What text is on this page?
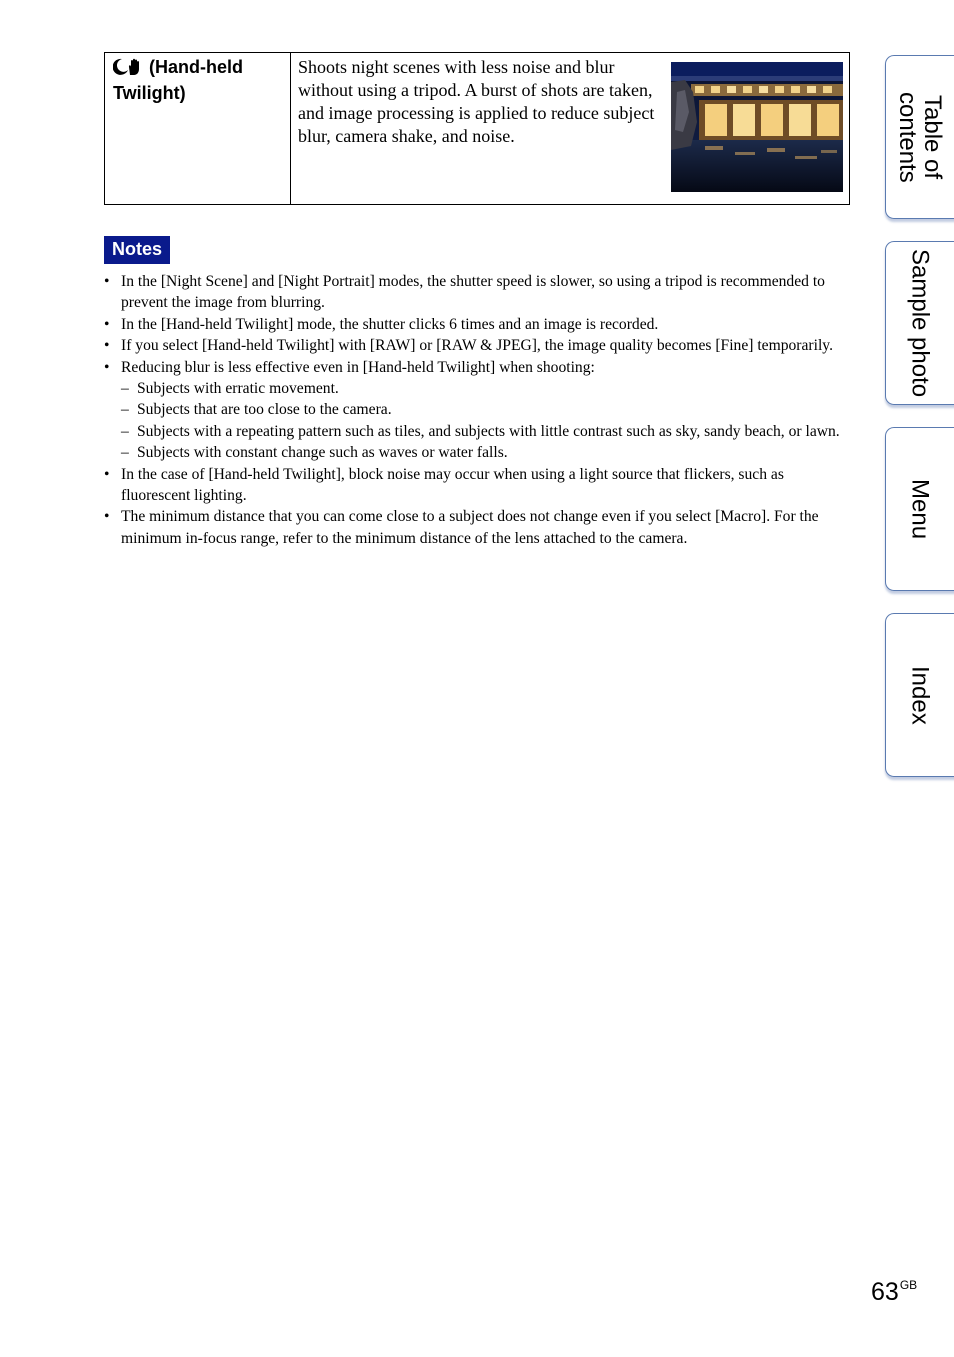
(Hand-held Twilight)
Shoots night scenes with less noise and blur without using a tripod. A burst of shots are taken, and image processing is applied to reduce subject blur, camera shake, and noise.
Notes
• In the [Night Scene] and [Night Portrait] modes, the shutter speed is slower, so using a tripod is recommended to prevent the image from blurring.
• In the [Hand-held Twilight] mode, the shutter clicks 6 times and an image is recorded.
• If you select [Hand-held Twilight] with [RAW] or [RAW & JPEG], the image quality becomes [Fine] temporarily.
• Reducing blur is less effective even in [Hand-held Twilight] when shooting:
– Subjects with erratic movement.
– Subjects that are too close to the camera.
– Subjects with a repeating pattern such as tiles, and subjects with little contrast such as sky, sandy beach, or lawn.
– Subjects with constant change such as waves or water falls.
• In the case of [Hand-held Twilight], block noise may occur when using a light source that flickers, such as fluorescent lighting.
• The minimum distance that you can come close to a subject does not change even if you select [Macro]. For the minimum in-focus range, refer to the minimum distance of the lens attached to the camera.
Table of contents
Sample photo
Menu
Index
$63^{GB}$
